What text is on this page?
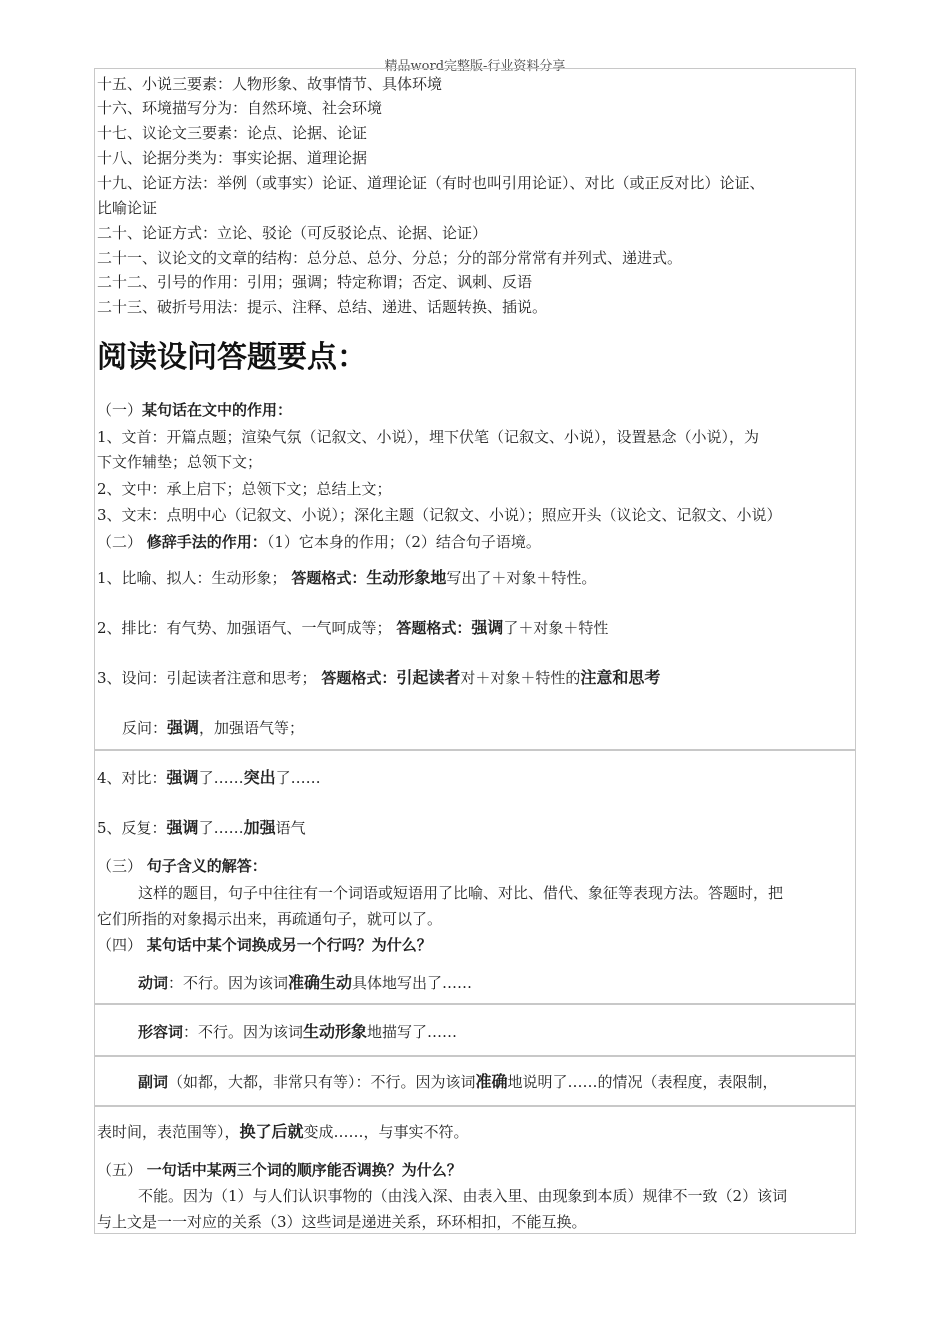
精品word完整版-行业资料分享
十五、小说三要素：人物形象、故事情节、具体环境
十六、环境描写分为：自然环境、社会环境
十七、议论文三要素：论点、论据、论证
十八、论据分类为：事实论据、道理论据
十九、论证方法：举例（或事实）论证、道理论证（有时也叫引用论证）、对比（或正反对比）论证、
比喻论证
二十、论证方式：立论、驳论（可反驳论点、论据、论证）
二十一、议论文的文章的结构：总分总、总分、分总；分的部分常常有并列式、递进式。
二十二、引号的作用：引用；强调；特定称谓；否定、讽刺、反语
二十三、破折号用法：提示、注释、总结、递进、话题转换、插说。
阅读设问答题要点：
（一）某句话在文中的作用：
1、文首：开篇点题；渲染气氛（记叙文、小说），埋下伏笔（记叙文、小说），设置悬念（小说），为
下文作辅垫；总领下文；
2、文中：承上启下；总领下文；总结上文；
3、文末：点明中心（记叙文、小说）；深化主题（记叙文、小说）；照应开头（议论文、记叙文、小说）
（二） 修辞手法的作用：（1）它本身的作用；（2）结合句子语境。
1、比喻、拟人：生动形象； 答题格式：生动形象地写出了＋对象＋特性。
2、排比：有气势、加强语气、一气呵成等； 答题格式：强调了＋对象＋特性
3、设问：引起读者注意和思考； 答题格式：引起读者对＋对象＋特性的注意和思考
反问：强调，加强语气等；
4、对比：强调了……突出了……
5、反复：强调了……加强语气
（三） 句子含义的解答：
这样的题目，句子中往往有一个词语或短语用了比喻、对比、借代、象征等表现方法。答题时，把
它们所指的对象揭示出来，再疏通句子，就可以了。
（四） 某句话中某个词换成另一个行吗？为什么？
动词：不行。因为该词准确生动具体地写出了……
形容词：不行。因为该词生动形象地描写了……
副词（如都，大都，非常只有等）：不行。因为该词准确地说明了……的情况（表程度，表限制，
表时间，表范围等），换了后就变成……，与事实不符。
（五） 一句话中某两三个词的顺序能否调换？为什么？
不能。因为（1）与人们认识事物的（由浅入深、由表入里、由现象到本质）规律不一致（2）该词
与上文是一一对应的关系（3）这些词是递进关系，环环相扣，不能互换。
